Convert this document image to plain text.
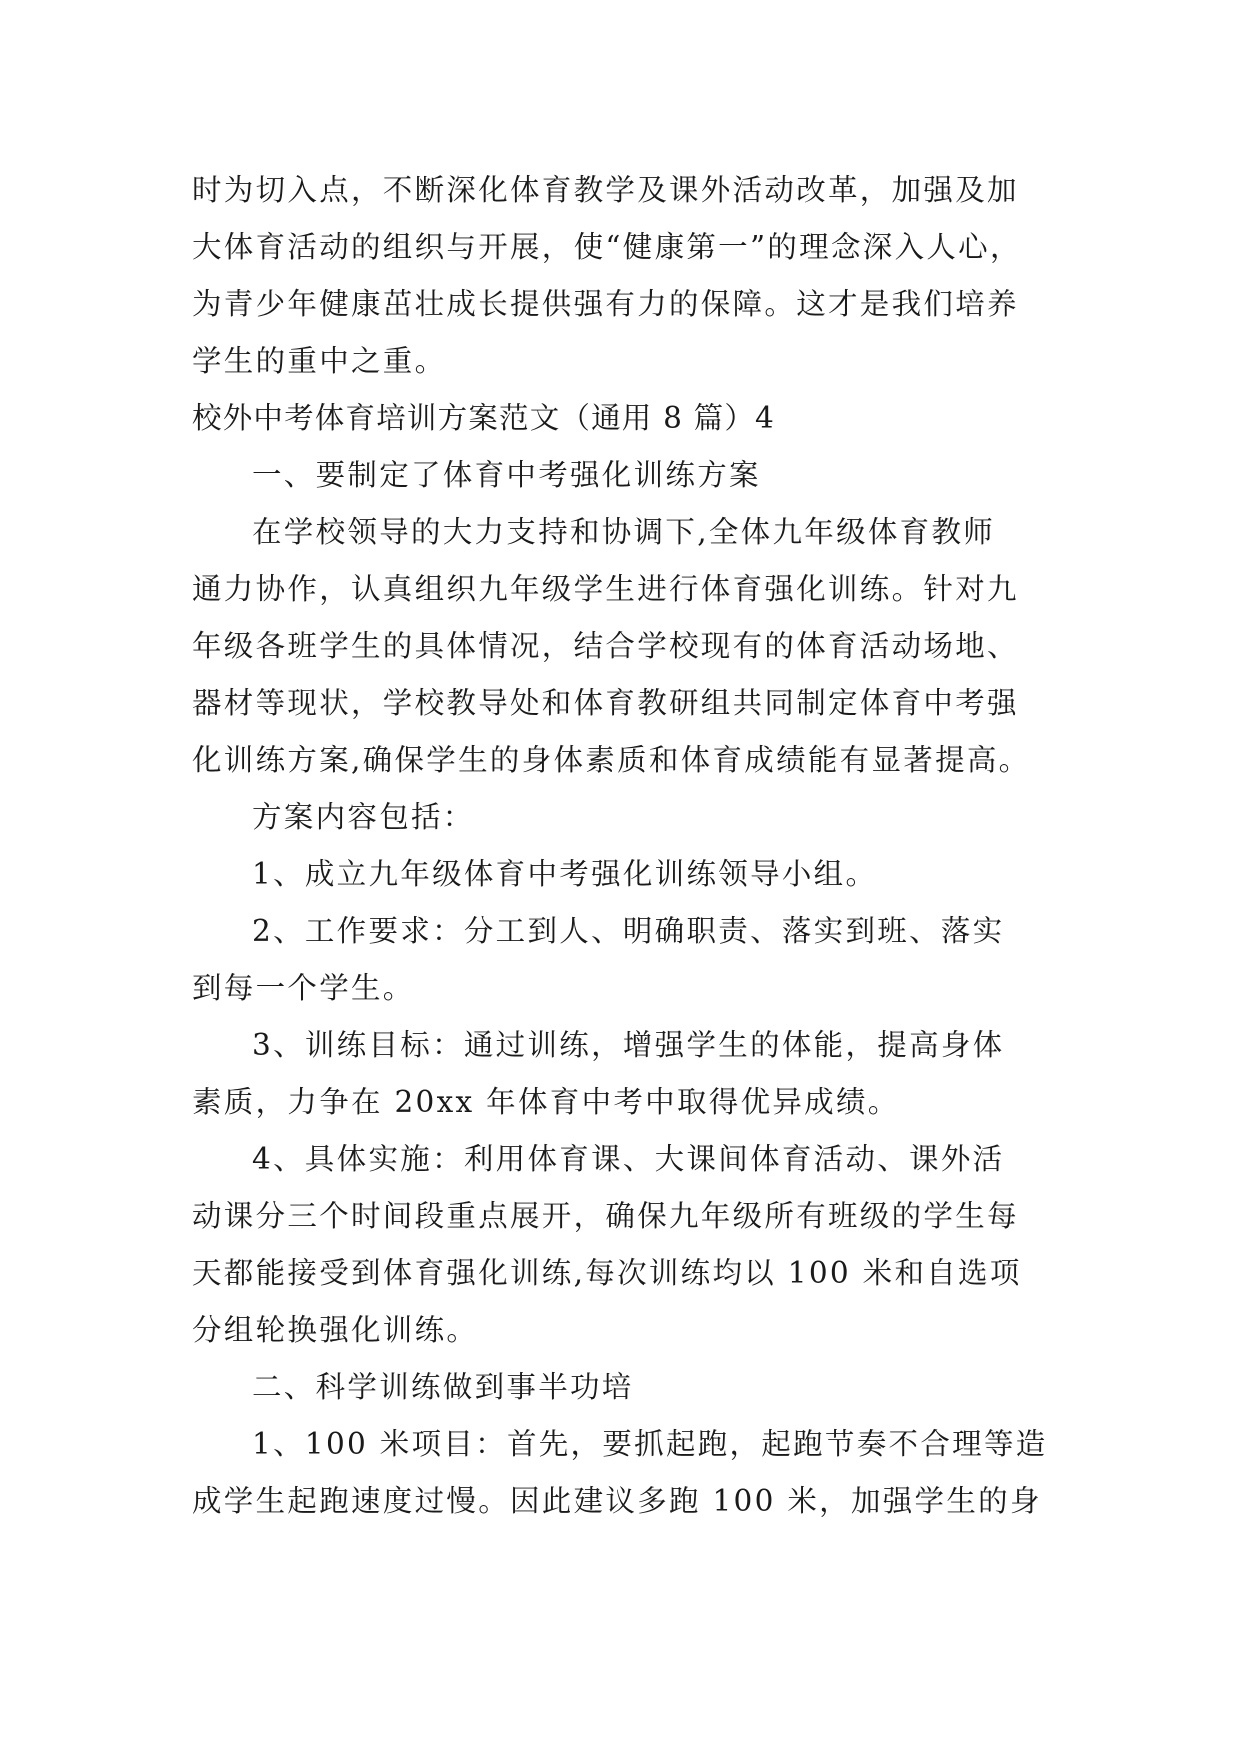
时为切入点，不断深化体育教学及课外活动改革，加强及加
大体育活动的组织与开展，使“健康第一”的理念深入人心，
为青少年健康茁壮成长提供强有力的保障。这才是我们培养
学生的重中之重。
校外中考体育培训方案范文（通用 8 篇）4
一、要制定了体育中考强化训练方案
在学校领导的大力支持和协调下,全体九年级体育教师
通力协作，认真组织九年级学生进行体育强化训练。针对九
年级各班学生的具体情况，结合学校现有的体育活动场地、
器材等现状，学校教导处和体育教研组共同制定体育中考强
化训练方案,确保学生的身体素质和体育成绩能有显著提高。
方案内容包括：
1、成立九年级体育中考强化训练领导小组。
2、工作要求：分工到人、明确职责、落实到班、落实
到每一个学生。
3、训练目标：通过训练，增强学生的体能，提高身体
素质，力争在 20xx 年体育中考中取得优异成绩。
4、具体实施：利用体育课、大课间体育活动、课外活
动课分三个时间段重点展开，确保九年级所有班级的学生每
天都能接受到体育强化训练,每次训练均以 100 米和自选项
分组轮换强化训练。
二、科学训练做到事半功培
1、100 米项目：首先，要抓起跑，起跑节奏不合理等造
成学生起跑速度过慢。因此建议多跑 100 米，加强学生的身
